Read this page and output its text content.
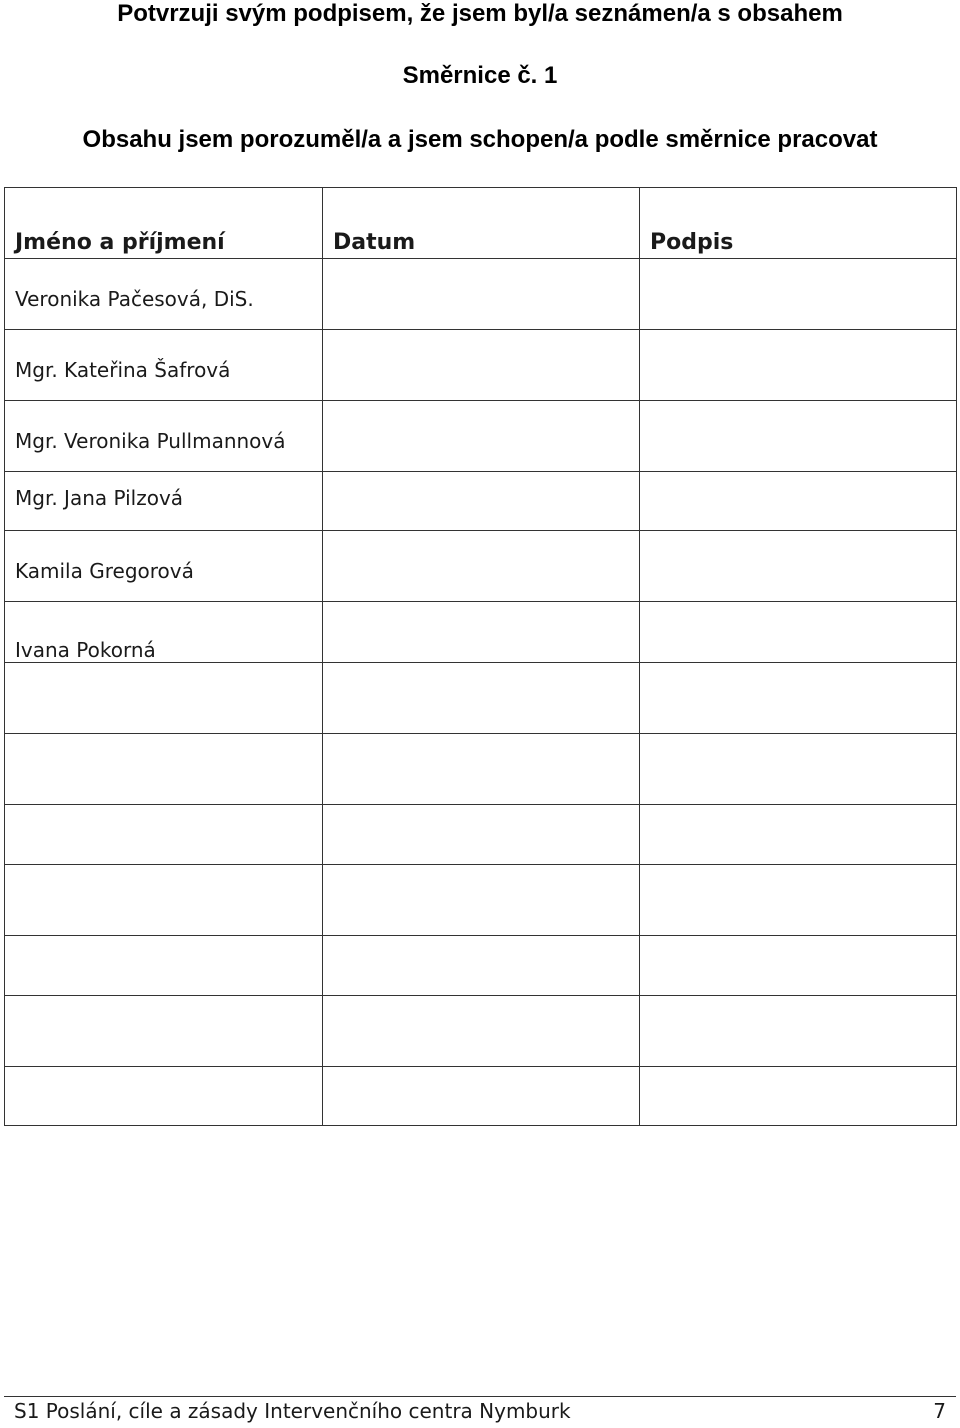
Potvrzuji svým podpisem, že jsem byl/a seznámen/a s obsahem
Směrnice č. 1
Obsahu jsem porozuměl/a a jsem schopen/a podle směrnice pracovat
Jméno a příjmení	Datum	Podpis
Veronika Pačesová, DiS.		
Mgr. Kateřina Šafrová		
Mgr. Veronika Pullmannová		
Mgr. Jana Pilzová		
Kamila Gregorová		
Ivana Pokorná		

S1 Poslání, cíle a zásady Intervenčního centra Nymburk	7
